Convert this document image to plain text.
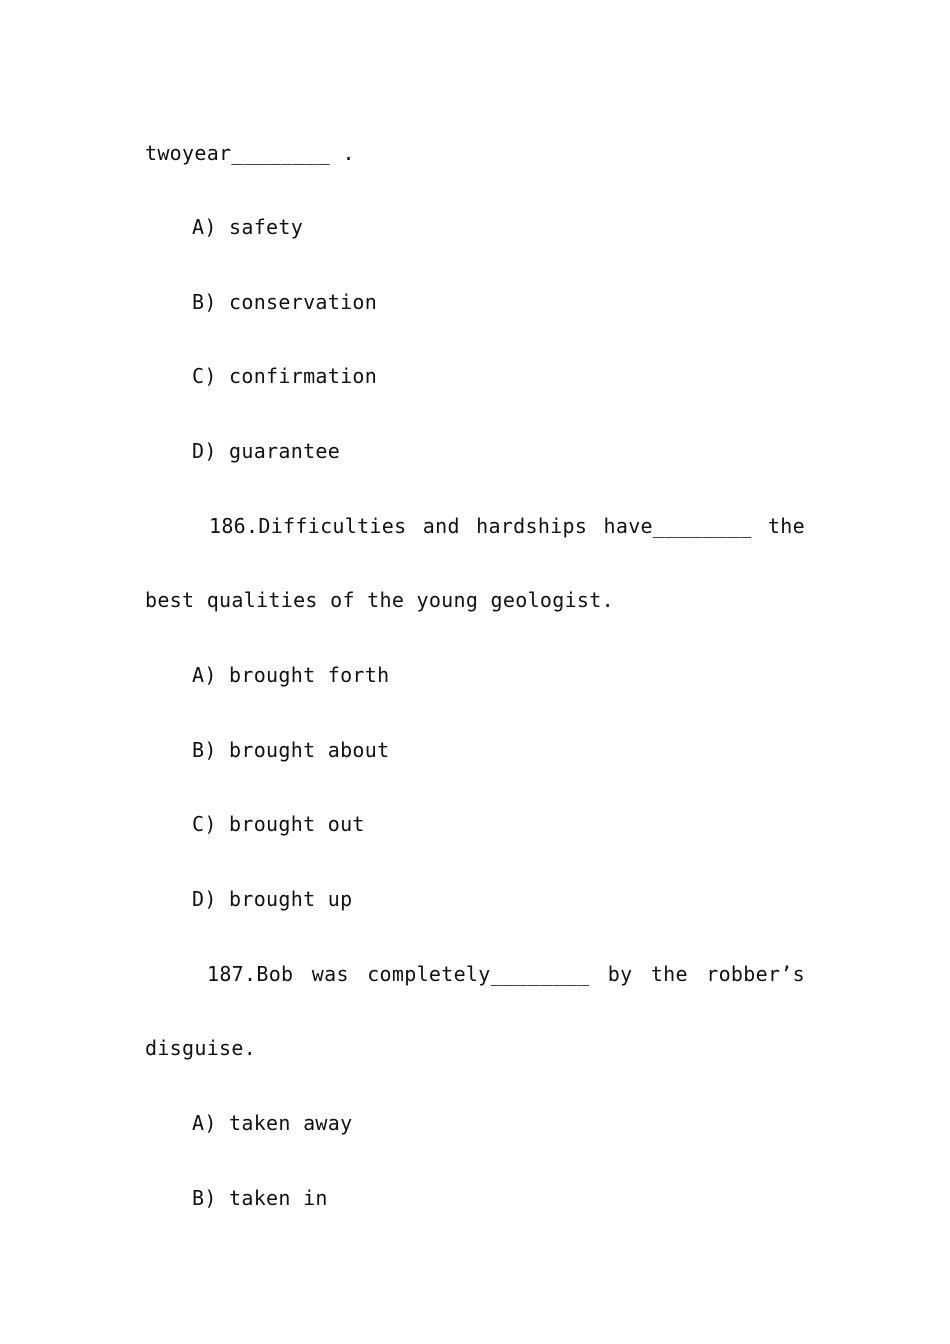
twoyear________ .
A) safety
B) conservation
C) confirmation
D) guarantee
186.Difficulties and hardships have________ the
best qualities of the young geologist.
A) brought forth
B) brought about
C) brought out
D) brought up
187.Bob was completely________ by the robber’s
disguise.
A) taken away
B) taken in
